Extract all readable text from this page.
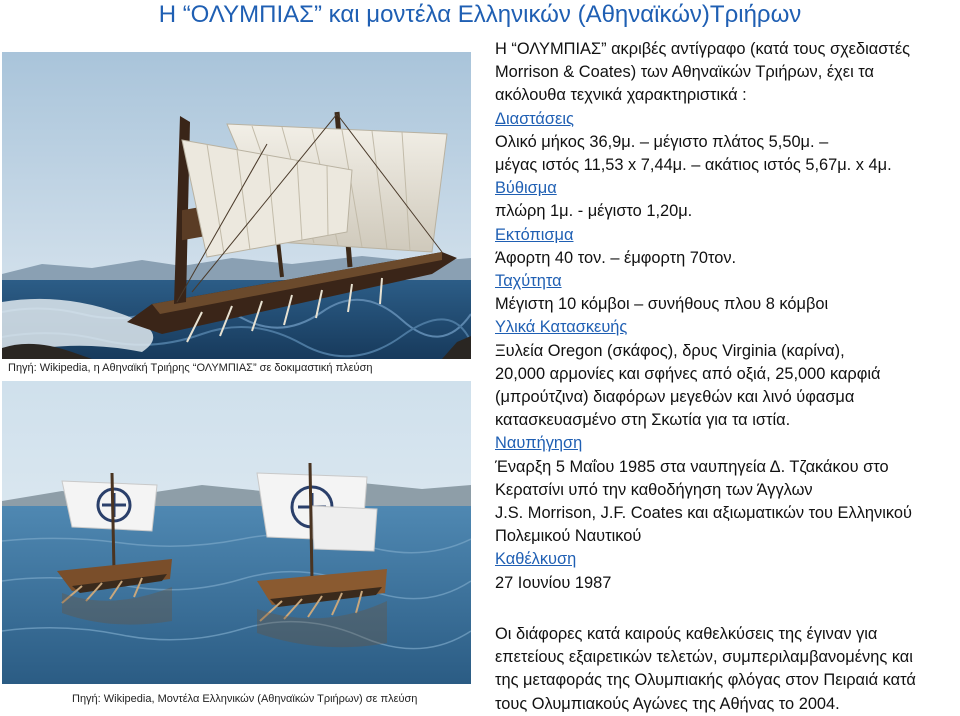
Η “ΟΛΥΜΠΙΑΣ” και μοντέλα Ελληνικών (Αθηναϊκών)Τριήρων
Πηγή: Wikipedia, η Αθηναϊκή Τριήρης “ΟΛΥΜΠΙΑΣ” σε δοκιμαστική πλεύση
Πηγή: Wikipedia, Μοντέλα Ελληνικών (Αθηναϊκών Τριήρων) σε πλεύση
Η “ΟΛΥΜΠΙΑΣ” ακριβές αντίγραφο (κατά τους σχεδιαστές
Morrison & Coates) των Αθηναϊκών Τριήρων, έχει τα
ακόλουθα τεχνικά χαρακτηριστικά :
Διαστάσεις
Ολικό μήκος 36,9μ. – μέγιστο πλάτος 5,50μ. –
μέγας ιστός 11,53 x 7,44μ. – ακάτιος ιστός 5,67μ. x 4μ.
Βύθισμα
πλώρη 1μ. - μέγιστο 1,20μ.
Εκτόπισμα
Άφορτη 40 τον. – έμφορτη 70τον.
Ταχύτητα
Μέγιστη 10 κόμβοι – συνήθους πλου 8 κόμβοι
Υλικά Κατασκευής
Ξυλεία Oregon (σκάφος), δρυς Virginia (καρίνα),
20,000 αρμονίες και σφήνες από οξιά, 25,000 καρφιά
(μπρούτζινα) διαφόρων μεγεθών και λινό ύφασμα
κατασκευασμένο στη Σκωτία για τα ιστία.
Ναυπήγηση
Έναρξη 5 Μαΐου 1985 στα ναυπηγεία Δ. Τζακάκου στο
Κερατσίνι υπό την καθοδήγηση των Άγγλων
J.S. Morrison, J.F. Coates και αξιωματικών του Ελληνικού
Πολεμικού Ναυτικού
Καθέλκυση
27 Ιουνίου 1987
Οι διάφορες κατά καιρούς καθελκύσεις της έγιναν για
επετείους εξαιρετικών τελετών, συμπεριλαμβανομένης και
της μεταφοράς της Ολυμπιακής φλόγας στον Πειραιά κατά
τους Ολυμπιακούς Αγώνες της Αθήνας το 2004.
